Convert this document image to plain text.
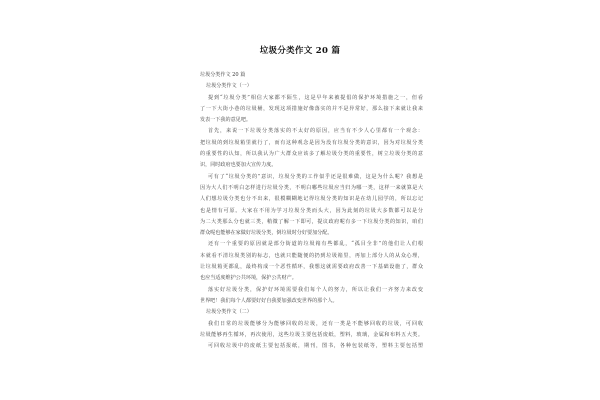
垃圾分类作文 20 篇
垃圾分类作文 20 篇
垃圾分类作文（一）
提到“垃圾分类”相信大家都不陌生，这是早年来被提倡的保护环境措施之一，但看
了一下大街小巷的垃圾桶，发现这项措施好像落实的并不是异常好，那么接下来就让我来
发表一下我的意见吧。
首先，来说一下垃圾分类落实的不太好的原因，应当有不少人心里都有一个观念：
把垃圾的到垃圾箱里就行了，而有这种观念是因为没有垃圾分类的意识，因为对垃圾分类
的重要性的认知，所以我认为广大群众应该多了解垃圾分类的重要性，树立垃圾分类的意
识，同时政府也要加大宣传力度。
可有了“垃圾分类的”意识，垃圾分类的工作似乎还是很难做，这是为什么呢？我想是
因为大人们不明白怎样进行垃圾分类，不明白哪些垃圾应当归为哪一类，这样一来就算是大
人们想垃圾分类也分不出来，很模糊糊地记得垃圾分类的知识是在幼儿园学的，所以忘记
也是情有可原。大家在不用为学习垃圾分类而头大，因为此刻的垃圾大多数都可以是分
为二大类那么分也就三类，稍微了解一下即可，提议政府呢有多一下垃圾分类的知识，咱们
群众呢也能够在家做好垃圾分类，倒垃圾时分好要加分配。
还有一个重要的原因就是部分街道的垃圾箱有些都乱，“孤目全非”的他们让人们根
本就看不清垃圾类别的标志，也就只能随便的扔到垃圾箱里，再加上部分人的从众心理，
让垃圾箱更都乱，最终构成一个恶性循环，我想这就需要政府改善一下基础设施了，群众
也应当适度维护公共环境，保护公共财产。
落实好垃圾分类，保护好环境需要我们每个人的努力，所以让我们一齐努力来改变
世界吧！我们每个人都要好好自我要加强改变世界的那个人。
垃圾分类作文（二）
我们日常的垃圾能够分为能够回收的垃圾，还有一类是不能够回收的垃圾，可回收
垃圾能够再生循环，再次使用，这些垃圾主要包括废纸，塑料，玻璃，金属和布料五大类。
可回收垃圾中的废纸主要包括报纸，期刊，图书，各种包装纸等，塑料主要包括塑
